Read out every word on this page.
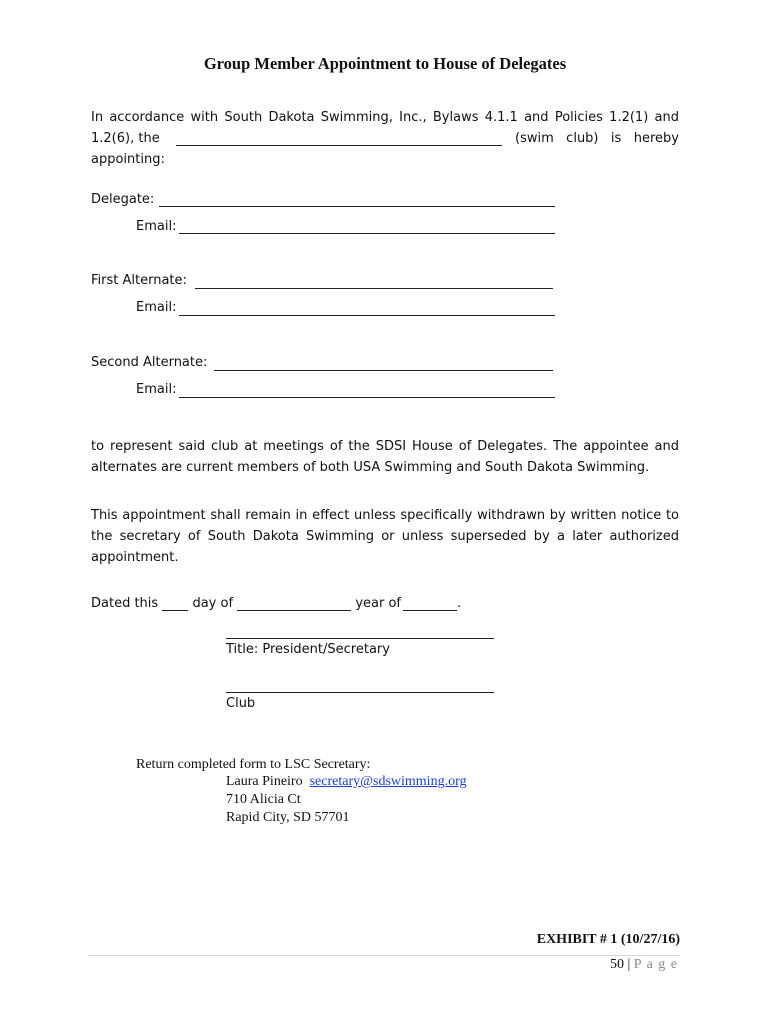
Group Member Appointment to House of Delegates
In accordance with South Dakota Swimming, Inc., Bylaws 4.1.1 and Policies 1.2(1) and
1.2(6), the	(swim club) is hereby
appointing:
Delegate:
Email:
First Alternate:
Email:
Second Alternate:
Email:
to represent said club at meetings of the SDSI House of Delegates. The appointee and alternates are current members of both USA Swimming and South Dakota Swimming.
This appointment shall remain in effect unless specifically withdrawn by written notice to the secretary of South Dakota Swimming or unless superseded by a later authorized appointment.
Dated this	day of	year of	.
Title: President/Secretary
Club
Return completed form to LSC Secretary:
Laura Pineiro secretary@sdswimming.org
710 Alicia Ct
Rapid City, SD 57701
EXHIBIT # 1 (10/27/16)
50 | P a g e
